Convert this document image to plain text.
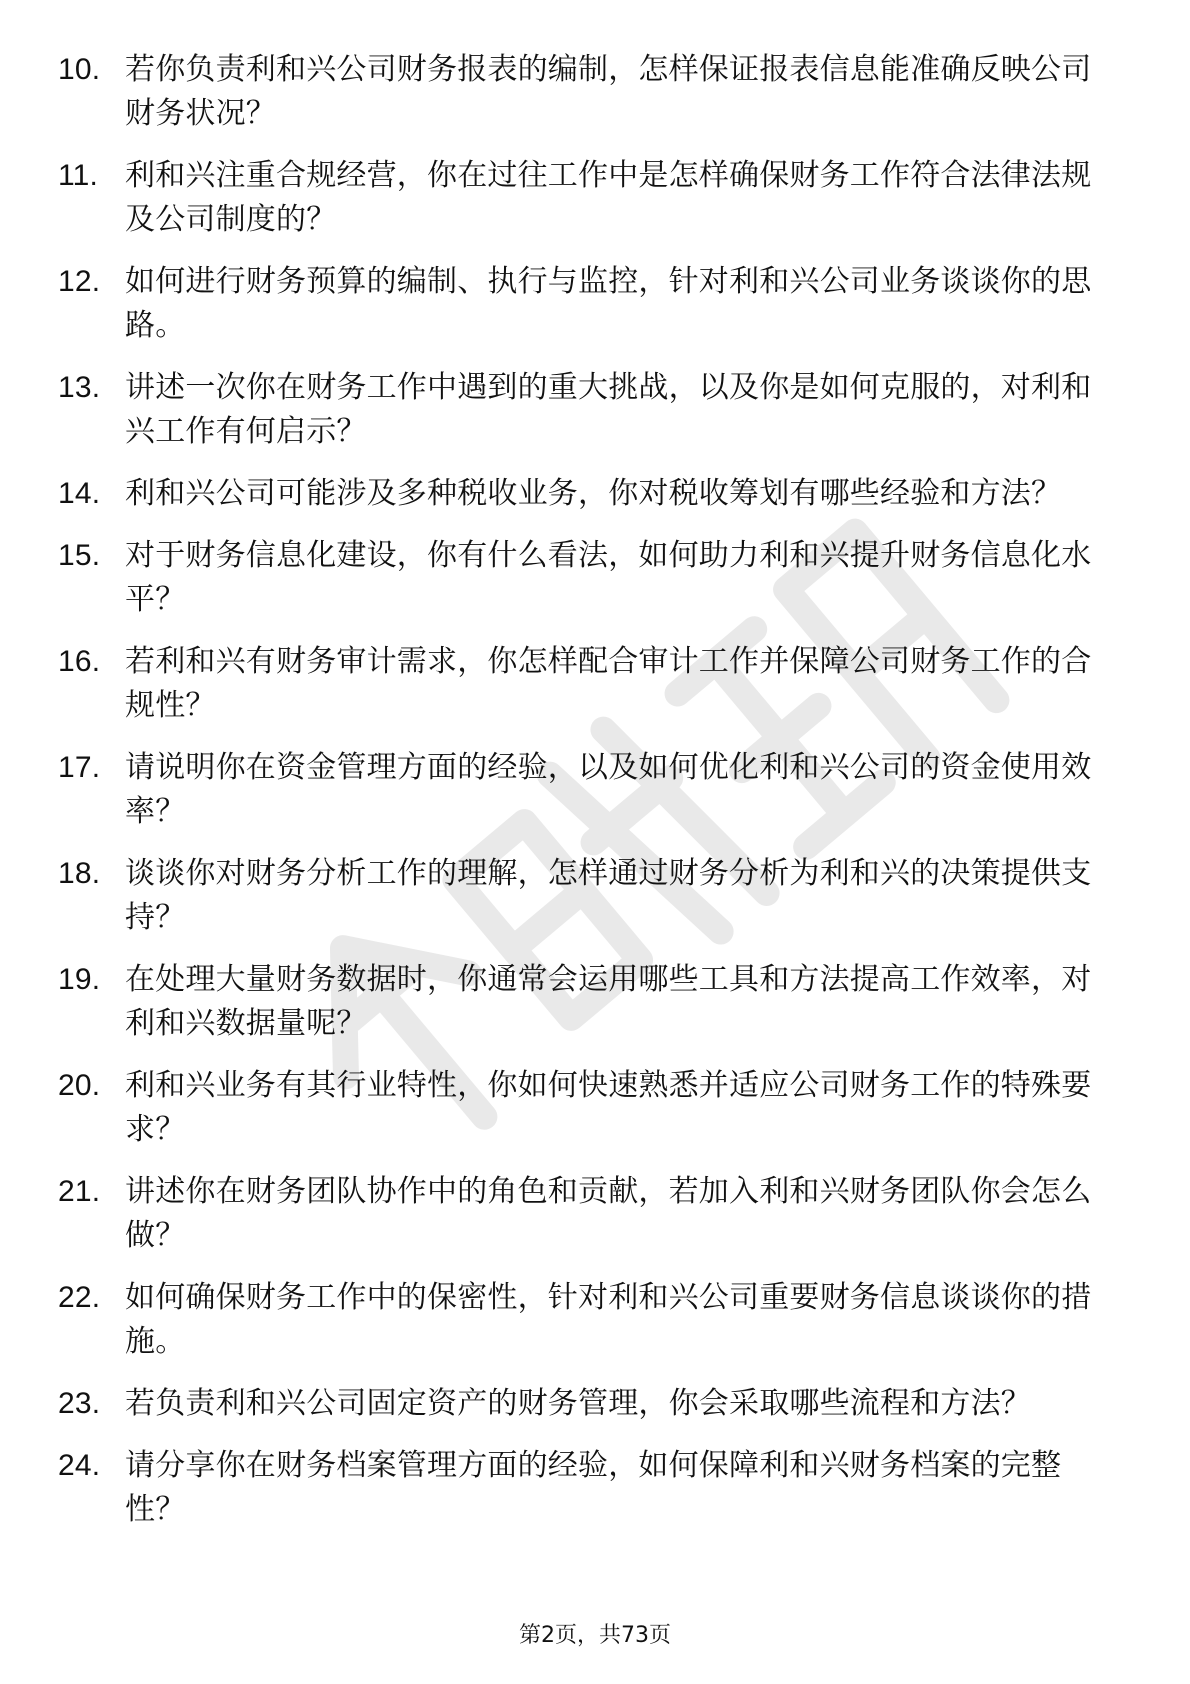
10. 若你负责利和兴公司财务报表的编制，怎样保证报表信息能准确反映公司财务状况？
11. 利和兴注重合规经营，你在过往工作中是怎样确保财务工作符合法律法规及公司制度的？
12. 如何进行财务预算的编制、执行与监控，针对利和兴公司业务谈谈你的思路。
13. 讲述一次你在财务工作中遇到的重大挑战，以及你是如何克服的，对利和兴工作有何启示？
14. 利和兴公司可能涉及多种税收业务，你对税收筹划有哪些经验和方法？
15. 对于财务信息化建设，你有什么看法，如何助力利和兴提升财务信息化水平？
16. 若利和兴有财务审计需求，你怎样配合审计工作并保障公司财务工作的合规性？
17. 请说明你在资金管理方面的经验，以及如何优化利和兴公司的资金使用效率？
18. 谈谈你对财务分析工作的理解，怎样通过财务分析为利和兴的决策提供支持？
19. 在处理大量财务数据时，你通常会运用哪些工具和方法提高工作效率，对利和兴数据量呢？
20. 利和兴业务有其行业特性，你如何快速熟悉并适应公司财务工作的特殊要求？
21. 讲述你在财务团队协作中的角色和贡献，若加入利和兴财务团队你会怎么做？
22. 如何确保财务工作中的保密性，针对利和兴公司重要财务信息谈谈你的措施。
23. 若负责利和兴公司固定资产的财务管理，你会采取哪些流程和方法？
24. 请分享你在财务档案管理方面的经验，如何保障利和兴财务档案的完整性？
第2页，共73页
